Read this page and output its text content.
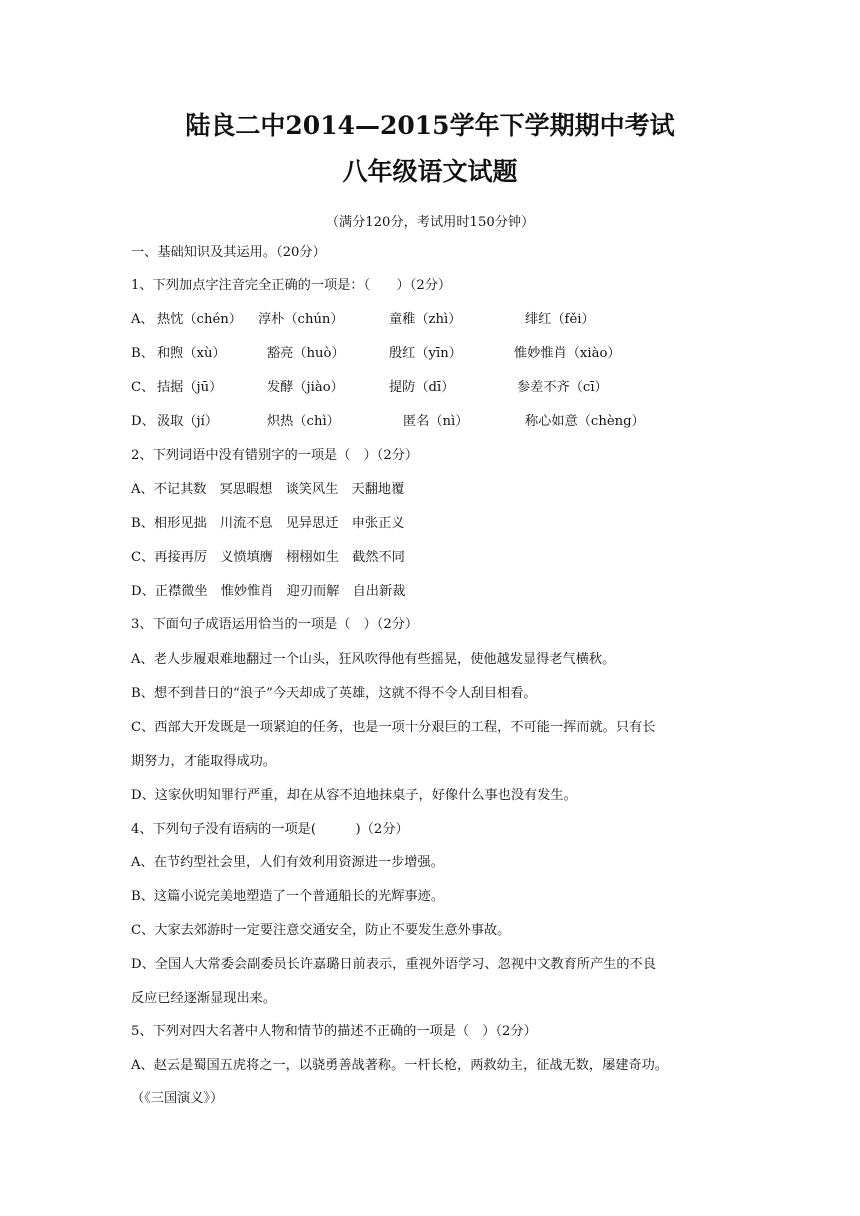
陆良二中2014—2015学年下学期期中考试
八年级语文试题
（满分120分，考试用时150分钟）
一、基础知识及其运用。（20分）
1、下列加点字注音完全正确的一项是：（　　）（2分）
A、 热忱（chén） 淳朴（chún）	童稚（zhì）	绯红（fěi）
B、 和煦（xù）	豁亮（huò）	殷红（yīn）	惟妙惟肖（xiào）
C、 拮据（jū）	发酵（jiào）	提防（dī）	参差不齐（cī）
D、 汲取（jí）	炽热（chì）	匿名（nì）	称心如意（chèng）
2、下列词语中没有错别字的一项是（　）（2分）
A、不记其数　冥思暇想　谈笑风生　天翻地覆
B、相形见拙　川流不息　见异思迁　申张正义
C、再接再厉　义愤填膺　栩栩如生　截然不同
D、正襟微坐　惟妙惟肖　迎刃而解　自出新裁
3、下面句子成语运用恰当的一项是（　）（2分）
A、老人步履艰难地翻过一个山头，狂风吹得他有些摇晃，使他越发显得老气横秋。
B、想不到昔日的“浪子”今天却成了英雄，这就不得不令人刮目相看。
C、西部大开发既是一项紧迫的任务，也是一项十分艰巨的工程，不可能一挥而就。只有长
期努力，才能取得成功。
D、这家伙明知罪行严重，却在从容不迫地抹桌子，好像什么事也没有发生。
4、下列句子没有语病的一项是(　　　)（2分）
A、在节约型社会里，人们有效利用资源进一步增强。
B、这篇小说完美地塑造了一个普通船长的光辉事迹。
C、大家去郊游时一定要注意交通安全，防止不要发生意外事故。
D、全国人大常委会副委员长许嘉璐日前表示，重视外语学习、忽视中文教育所产生的不良
反应已经逐渐显现出来。
5、下列对四大名著中人物和情节的描述不正确的一项是（　）（2分）
A、赵云是蜀国五虎将之一，以骁勇善战著称。一杆长枪，两救幼主，征战无数，屡建奇功。
（《三国演义》）
